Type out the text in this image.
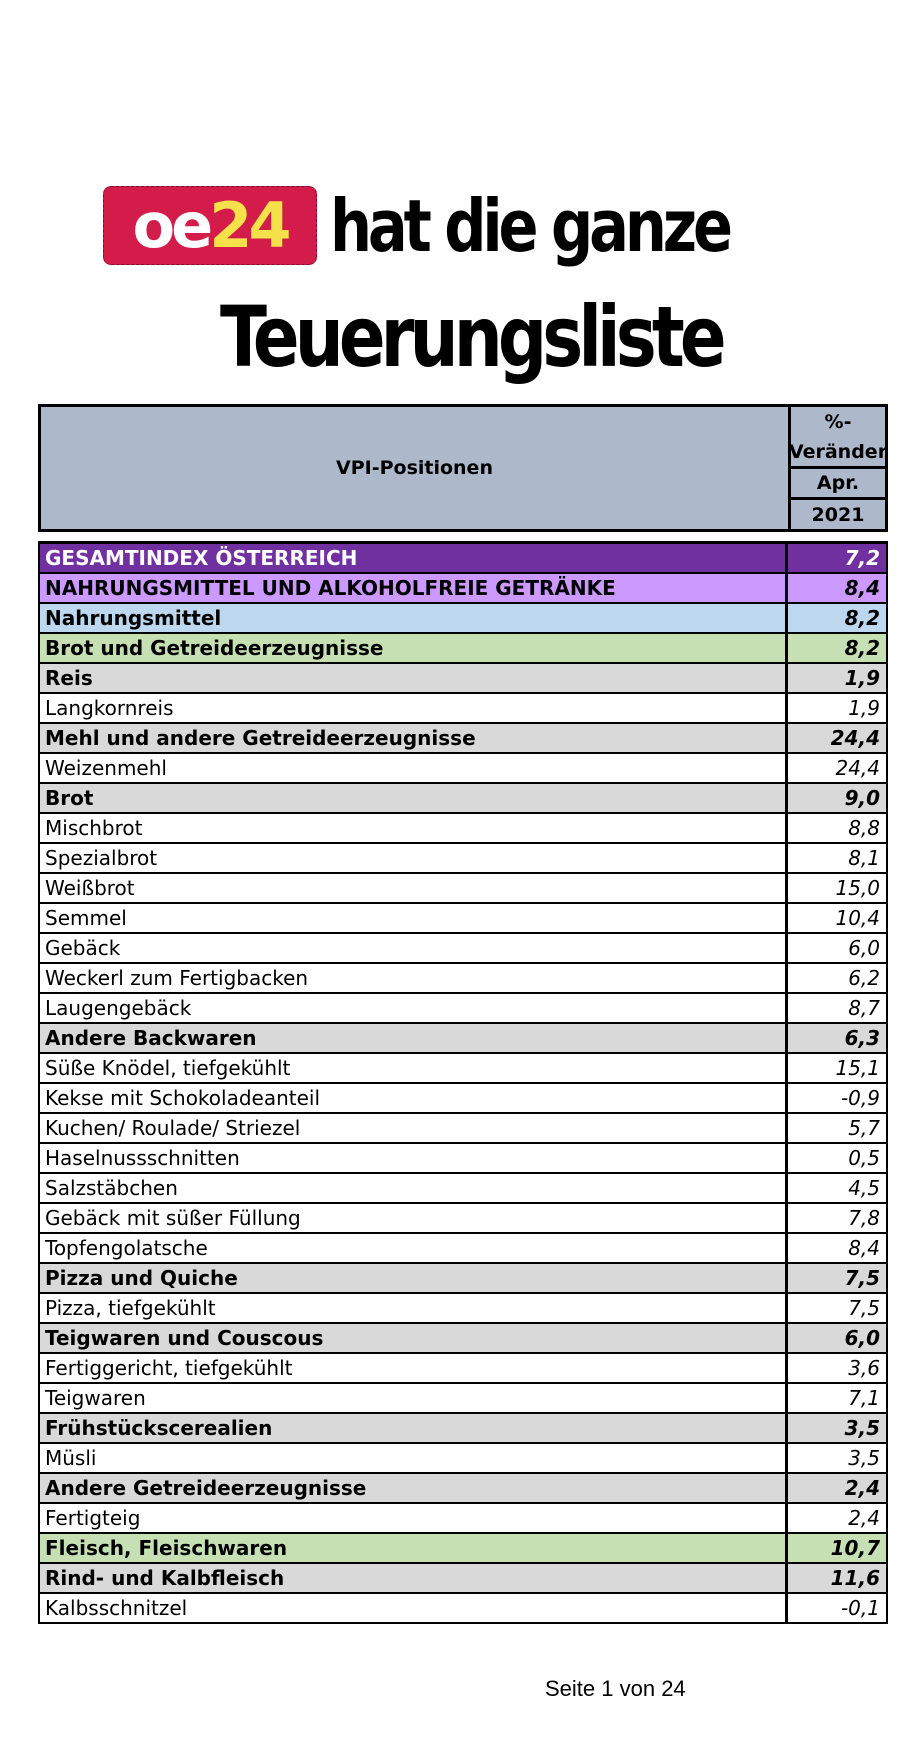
oe 24 hat die ganze
Teuerungsliste
VPI-Positionen
%-
Veränder
Apr.
2021
GESAMTINDEX ÖSTERREICH	7,2
NAHRUNGSMITTEL UND ALKOHOLFREIE GETRÄNKE	8,4
Nahrungsmittel	8,2
Brot und Getreideerzeugnisse	8,2
Reis	1,9
Langkornreis	1,9
Mehl und andere Getreideerzeugnisse	24,4
Weizenmehl	24,4
Brot	9,0
Mischbrot	8,8
Spezialbrot	8,1
Weißbrot	15,0
Semmel	10,4
Gebäck	6,0
Weckerl zum Fertigbacken	6,2
Laugengebäck	8,7
Andere Backwaren	6,3
Süße Knödel, tiefgekühlt	15,1
Kekse mit Schokoladeanteil	-0,9
Kuchen/ Roulade/ Striezel	5,7
Haselnussschnitten	0,5
Salzstäbchen	4,5
Gebäck mit süßer Füllung	7,8
Topfengolatsche	8,4
Pizza und Quiche	7,5
Pizza, tiefgekühlt	7,5
Teigwaren und Couscous	6,0
Fertiggericht, tiefgekühlt	3,6
Teigwaren	7,1
Frühstückscerealien	3,5
Müsli	3,5
Andere Getreideerzeugnisse	2,4
Fertigteig	2,4
Fleisch, Fleischwaren	10,7
Rind- und Kalbfleisch	11,6
Kalbsschnitzel	-0,1
Seite 1 von 24
